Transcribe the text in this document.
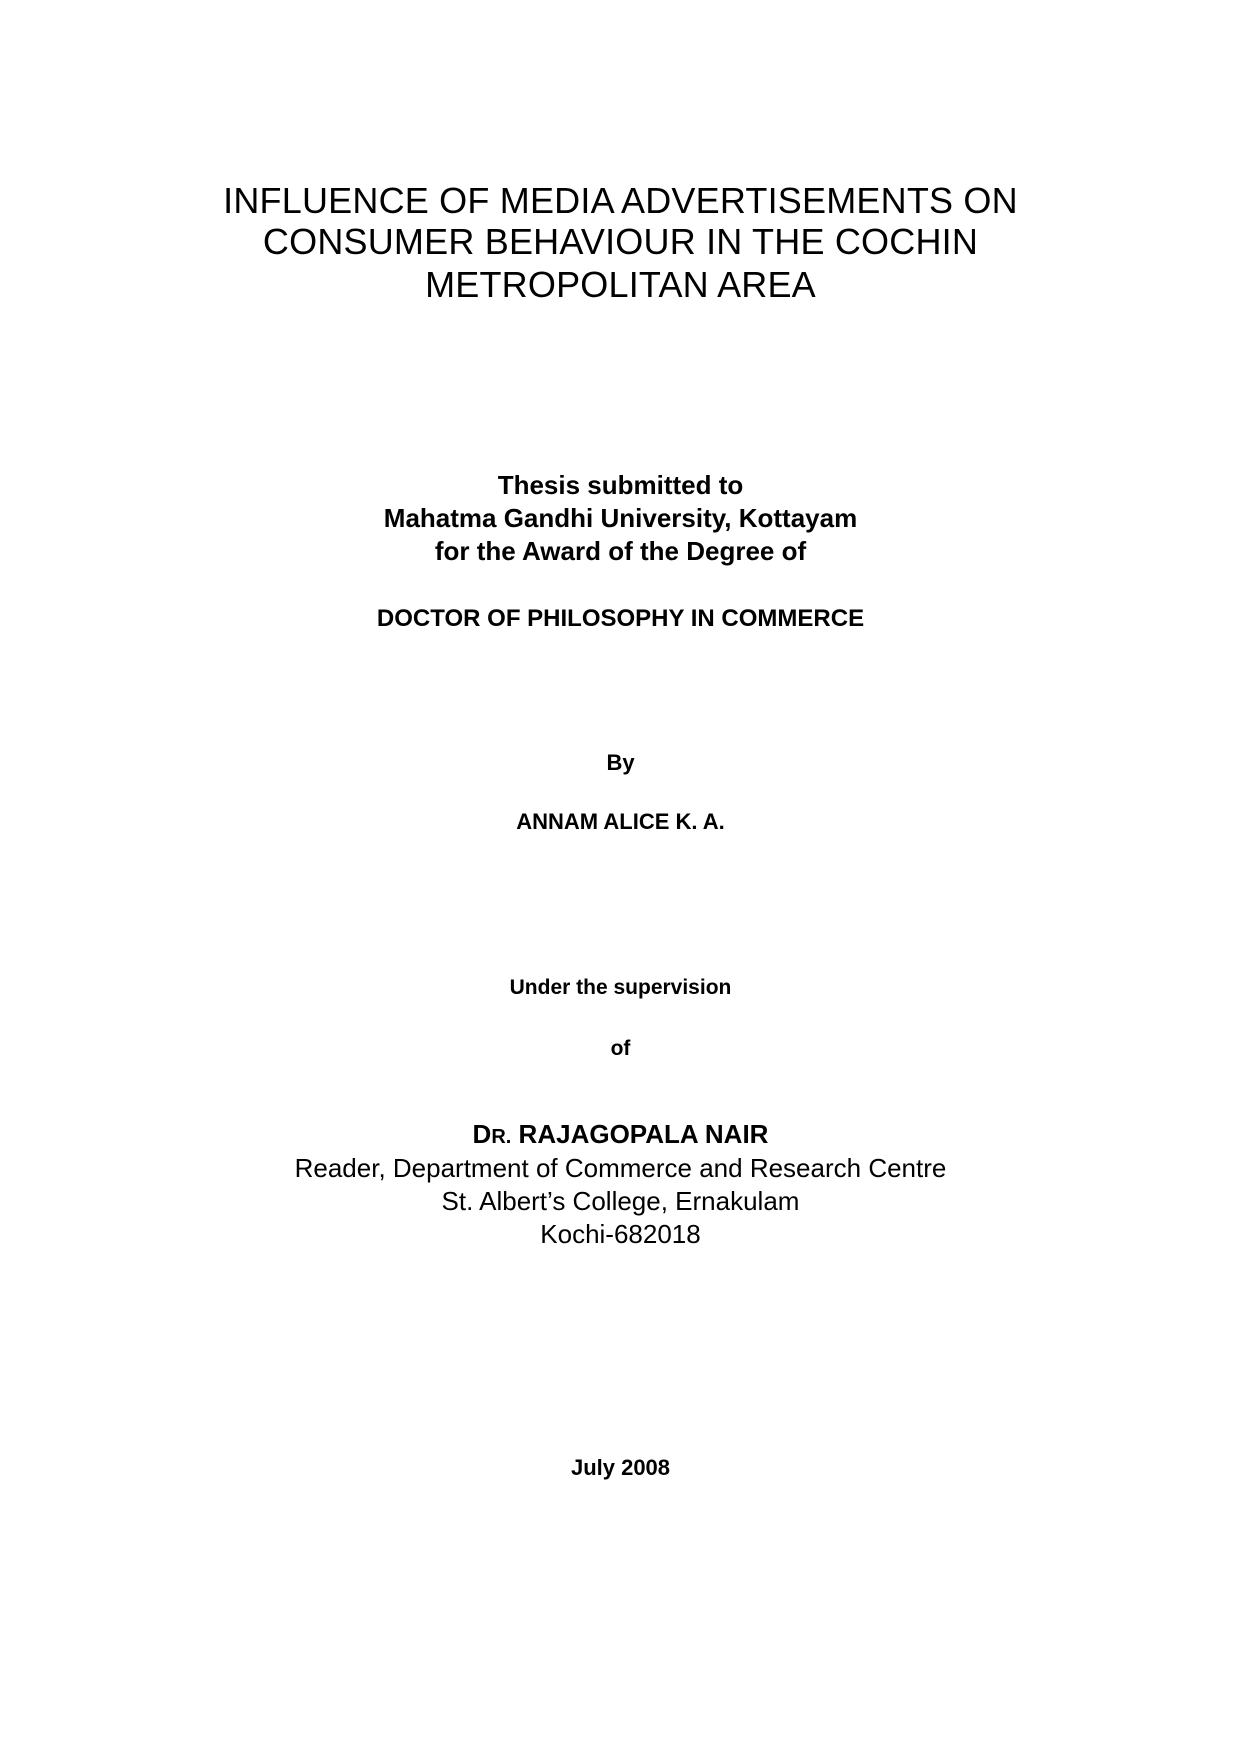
INFLUENCE OF MEDIA ADVERTISEMENTS ON

CONSUMER BEHAVIOUR IN THE COCHIN

METROPOLITAN AREA

Thesis submitted to

Mahatma Gandhi University, Kottayam

for the Award of the Degree of

DOCTOR OF PHILOSOPHY IN COMMERCE

By

ANNAM ALICE K. A.

Under the supervision

of

DR. RAJAGOPALA NAIR

Reader, Department of Commerce and Research Centre

St. Albert’s College, Ernakulam

Kochi-682018

July 2008
